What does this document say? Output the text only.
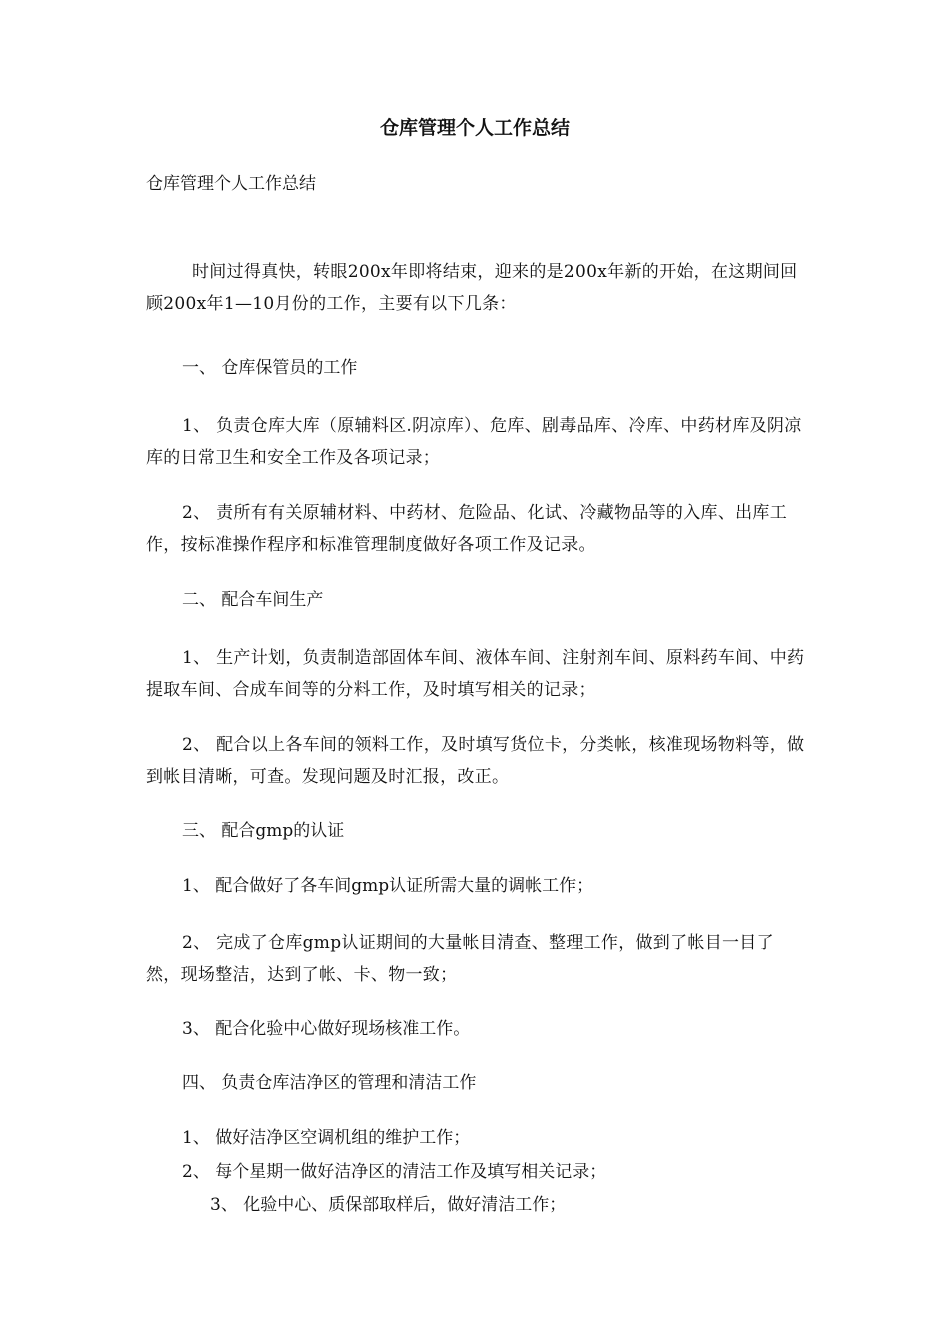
仓库管理个人工作总结
仓库管理个人工作总结
时间过得真快，转眼200x年即将结束，迎来的是200x年新的开始，在这期间回顾200x年1—10月份的工作，主要有以下几条：
一、 仓库保管员的工作
1、 负责仓库大库（原辅料区.阴凉库）、危库、剧毒品库、冷库、中药材库及阴凉库的日常卫生和安全工作及各项记录；
2、 责所有有关原辅材料、中药材、危险品、化试、冷藏物品等的入库、出库工作，按标准操作程序和标准管理制度做好各项工作及记录。
二、 配合车间生产
1、 生产计划，负责制造部固体车间、液体车间、注射剂车间、原料药车间、中药提取车间、合成车间等的分料工作，及时填写相关的记录；
2、 配合以上各车间的领料工作，及时填写货位卡，分类帐，核准现场物料等，做到帐目清晰，可查。发现问题及时汇报，改正。
三、 配合gmp的认证
1、 配合做好了各车间gmp认证所需大量的调帐工作；
2、 完成了仓库gmp认证期间的大量帐目清查、整理工作，做到了帐目一目了然，现场整洁，达到了帐、卡、物一致；
3、 配合化验中心做好现场核准工作。
四、 负责仓库洁净区的管理和清洁工作
1、 做好洁净区空调机组的维护工作；
2、 每个星期一做好洁净区的清洁工作及填写相关记录；
3、 化验中心、质保部取样后，做好清洁工作；
